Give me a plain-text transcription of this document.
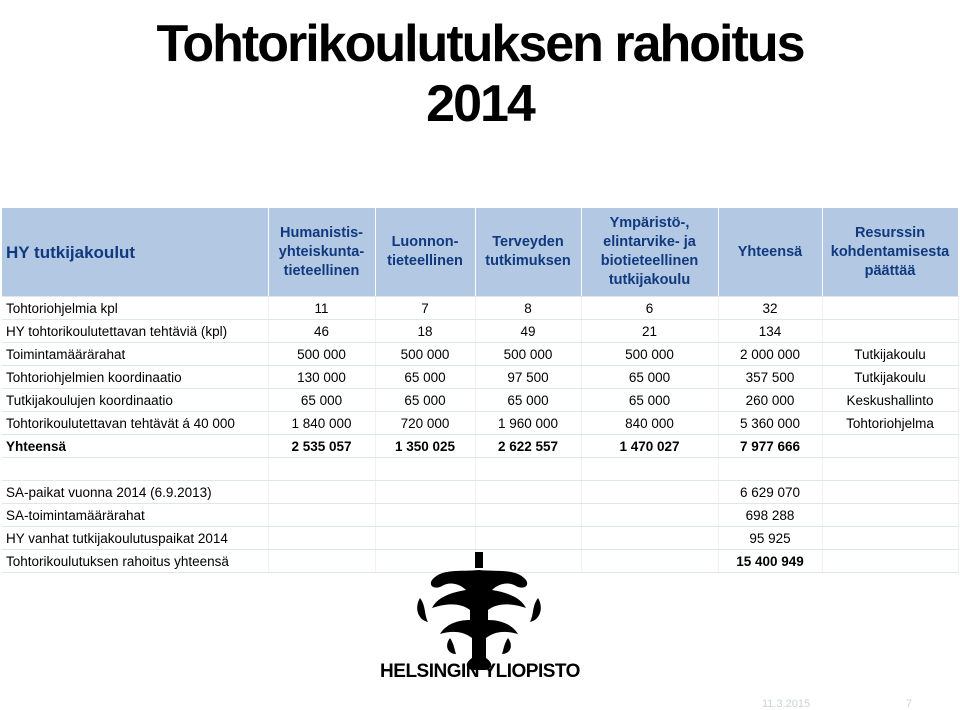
Tohtorikoulutuksen rahoitus
2014
HY tutkijakoulut	Humanistis-yhteiskunta-tieteellinen	Luonnon-tieteellinen	Terveyden tutkimuksen	Ympäristö-, elintarvike- ja biotieteellinen tutkijakoulu	Yhteensä	Resurssin kohdentamisesta päättää
Tohtoriohjelmia kpl	11	7	8	6	32	
HY tohtorikoulutettavan tehtäviä (kpl)	46	18	49	21	134	
Toimintamäärärahat	500 000	500 000	500 000	500 000	2 000 000	Tutkijakoulu
Tohtoriohjelmien koordinaatio	130 000	65 000	97 500	65 000	357 500	Tutkijakoulu
Tutkijakoulujen koordinaatio	65 000	65 000	65 000	65 000	260 000	Keskushallinto
Tohtorikoulutettavan tehtävät á 40 000	1 840 000	720 000	1 960 000	840 000	5 360 000	Tohtoriohjelma
Yhteensä	2 535 057	1 350 025	2 622 557	1 470 027	7 977 666	

SA-paikat vuonna 2014 (6.9.2013)					6 629 070	
SA-toimintamäärärahat					698 288	
HY vanhat tutkijakoulutuspaikat 2014					95 925	
Tohtorikoulutuksen rahoitus yhteensä					15 400 949	
HELSINGIN YLIOPISTO
11.3.2015	7
